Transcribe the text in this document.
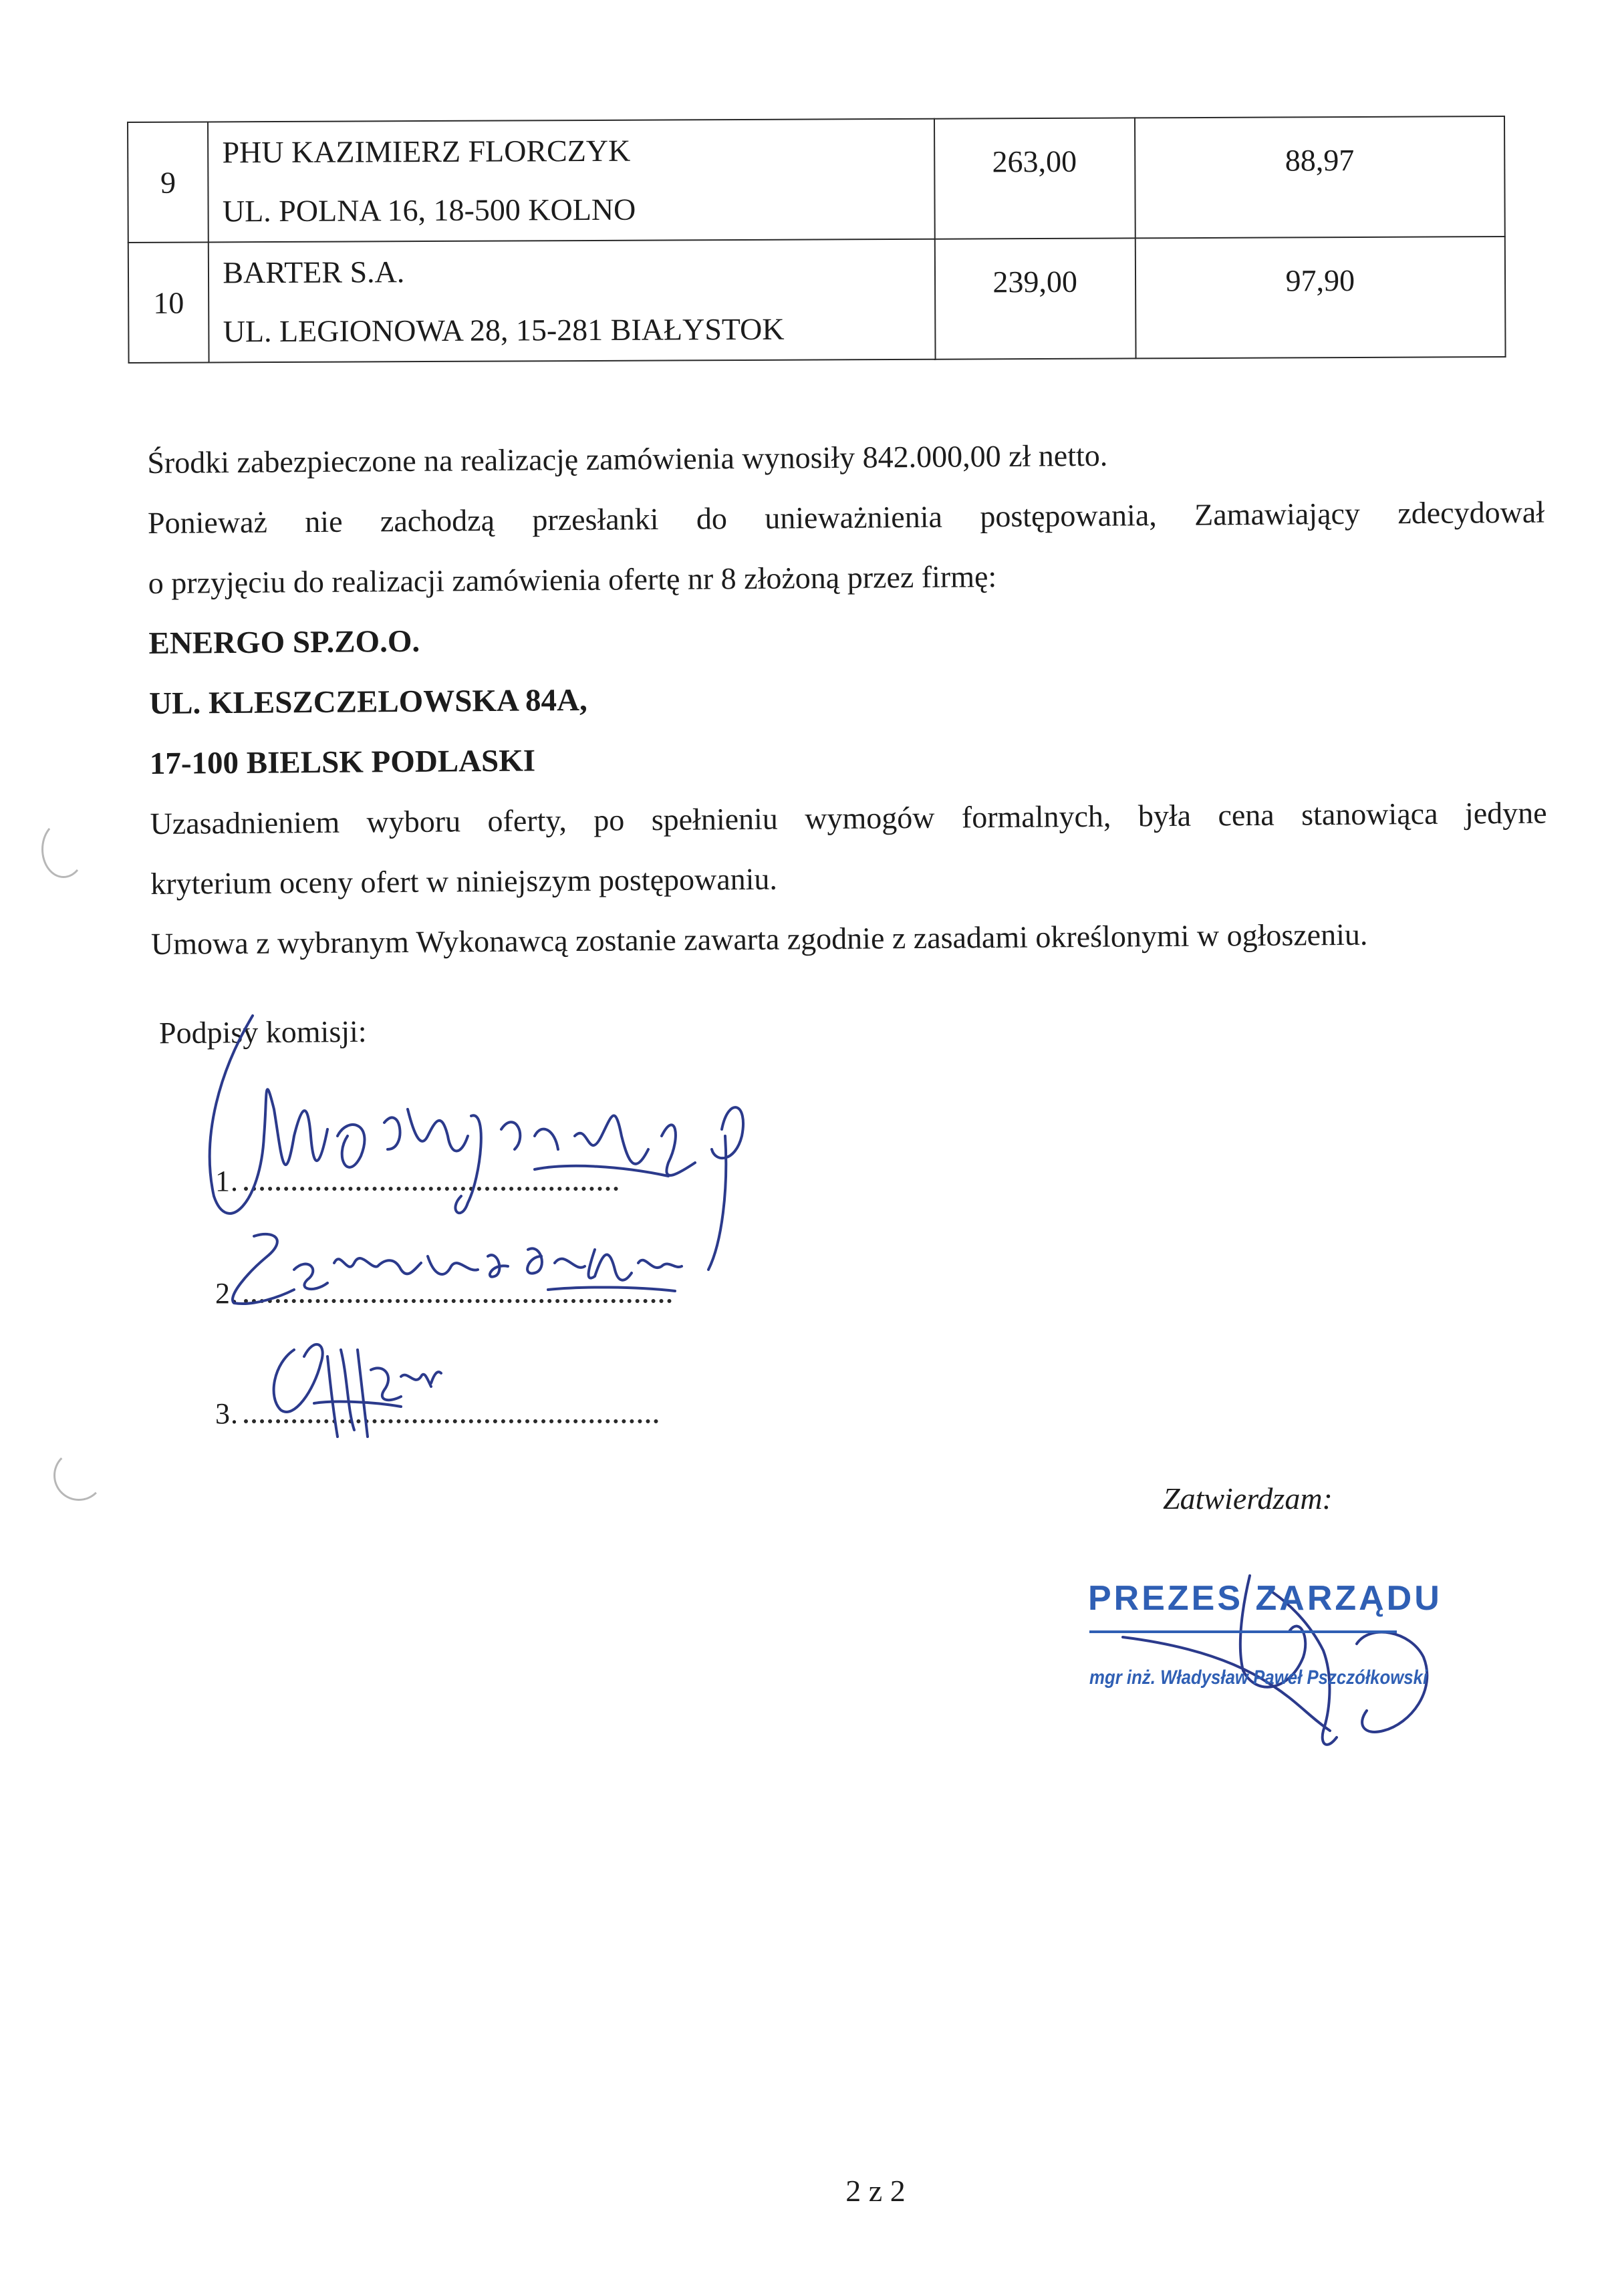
9	PHU KAZIMIERZ FLORCZYK
UL. POLNA 16, 18-500 KOLNO	263,00	88,97
10	BARTER S.A.
UL. LEGIONOWA 28, 15-281 BIAŁYSTOK	239,00	97,90

Środki zabezpieczone na realizację zamówienia wynosiły 842.000,00 zł netto.

Ponieważ nie zachodzą przesłanki do unieważnienia postępowania, Zamawiający zdecydował

o przyjęciu do realizacji zamówienia ofertę nr 8 złożoną przez firmę:

ENERGO SP.ZO.O.

UL. KLESZCZELOWSKA 84A,

17-100 BIELSK PODLASKI

Uzasadnieniem wyboru oferty, po spełnieniu wymogów formalnych, była cena stanowiąca jedyne

kryterium oceny ofert w niniejszym postępowaniu.

Umowa z wybranym Wykonawcą zostanie zawarta zgodnie z zasadami określonymi w ogłoszeniu.

Podpisy komisji:
1.
2.
3.
Zatwierdzam:
PREZES ZARZĄDU
mgr inż. Władysław Paweł Pszczółkowski
2 z 2
